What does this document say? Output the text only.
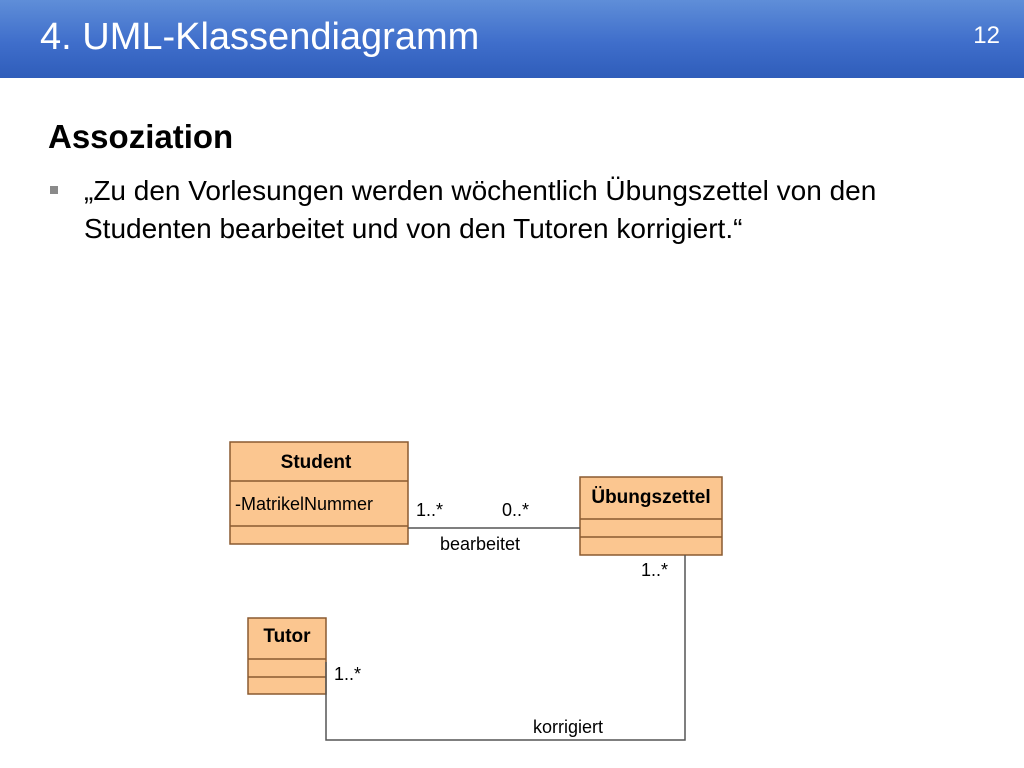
4. UML-Klassendiagramm	12
Assoziation
„Zu den Vorlesungen werden wöchentlich Übungszettel von den Studenten bearbeitet und von den Tutoren korrigiert.“
Student
-MatrikelNummer	Übungszettel
Tutor
1..*	0..*
bearbeitet
1..*
1..*
korrigiert
